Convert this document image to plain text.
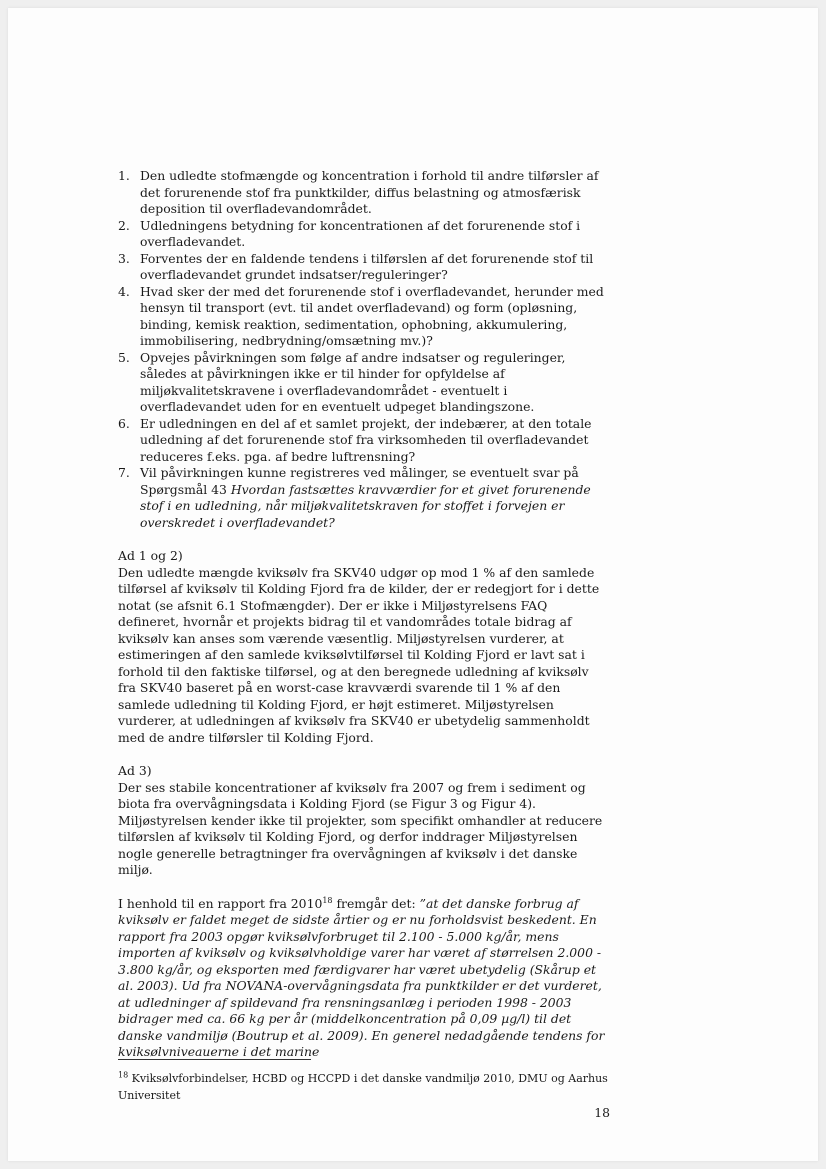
1. Den udledte stofmængde og koncentration i forhold til andre tilførsler af det forurenende stof fra punktkilder, diffus belastning og atmosfærisk deposition til overfladevandområdet.
2. Udledningens betydning for koncentrationen af det forurenende stof i overfladevandet.
3. Forventes der en faldende tendens i tilførslen af det forurenende stof til overfladevandet grundet indsatser/reguleringer?
4. Hvad sker der med det forurenende stof i overfladevandet, herunder med hensyn til transport (evt. til andet overfladevand) og form (opløsning, binding, kemisk reaktion, sedimentation, ophobning, akkumulering, immobilisering, nedbrydning/omsætning mv.)?
5. Opvejes påvirkningen som følge af andre indsatser og reguleringer, således at påvirkningen ikke er til hinder for opfyldelse af miljøkvalitetskravene i overfladevandområdet - eventuelt i overfladevandet uden for en eventuelt udpeget blandingszone.
6. Er udledningen en del af et samlet projekt, der indebærer, at den totale udledning af det forurenende stof fra virksomheden til overfladevandet reduceres f.eks. pga. af bedre luftrensning?
7. Vil påvirkningen kunne registreres ved målinger, se eventuelt svar på Spørgsmål 43 Hvordan fastsættes kravværdier for et givet forurenende stof i en udledning, når miljøkvalitetskraven for stoffet i forvejen er overskredet i overfladevandet?

Ad 1 og 2)

Den udledte mængde kviksølv fra SKV40 udgør op mod 1 % af den samlede tilførsel af kviksølv til Kolding Fjord fra de kilder, der er redegjort for i dette notat (se afsnit 6.1 Stofmængder). Der er ikke i Miljøstyrelsens FAQ defineret, hvornår et projekts bidrag til et vandområdes totale bidrag af kviksølv kan anses som værende væsentlig. Miljøstyrelsen vurderer, at estimeringen af den samlede kviksølvtilførsel til Kolding Fjord er lavt sat i forhold til den faktiske tilførsel, og at den beregnede udledning af kviksølv fra SKV40 baseret på en worst-case kravværdi svarende til 1 % af den samlede udledning til Kolding Fjord, er højt estimeret. Miljøstyrelsen vurderer, at udledningen af kviksølv fra SKV40 er ubetydelig sammenholdt med de andre tilførsler til Kolding Fjord.

Ad 3)

Der ses stabile koncentrationer af kviksølv fra 2007 og frem i sediment og biota fra overvågningsdata i Kolding Fjord (se Figur 3 og Figur 4). Miljøstyrelsen kender ikke til projekter, som specifikt omhandler at reducere tilførslen af kviksølv til Kolding Fjord, og derfor inddrager Miljøstyrelsen nogle generelle betragtninger fra overvågningen af kviksølv i det danske miljø.

I henhold til en rapport fra 2010$^{18}$ fremgår det: ”at det danske forbrug af kviksølv er faldet meget de sidste årtier og er nu forholdsvist beskedent. En rapport fra 2003 opgør kviksølvforbruget til 2.100 - 5.000 kg/år, mens importen af kviksølv og kviksølvholdige varer har været af størrelsen 2.000 - 3.800 kg/år, og eksporten med færdigvarer har været ubetydelig (Skårup et al. 2003). Ud fra NOVANA-overvågningsdata fra punktkilder er det vurderet, at udledninger af spildevand fra rensningsanlæg i perioden 1998 - 2003 bidrager med ca. 66 kg per år (middelkoncentration på 0,09 µg/l) til det danske vandmiljø (Boutrup et al. 2009). En generel nedadgående tendens for kviksølvniveauerne i det marine

$^{18}$ Kviksølvforbindelser, HCBD og HCCPD i det danske vandmiljø 2010, DMU og Aarhus Universitet
18
